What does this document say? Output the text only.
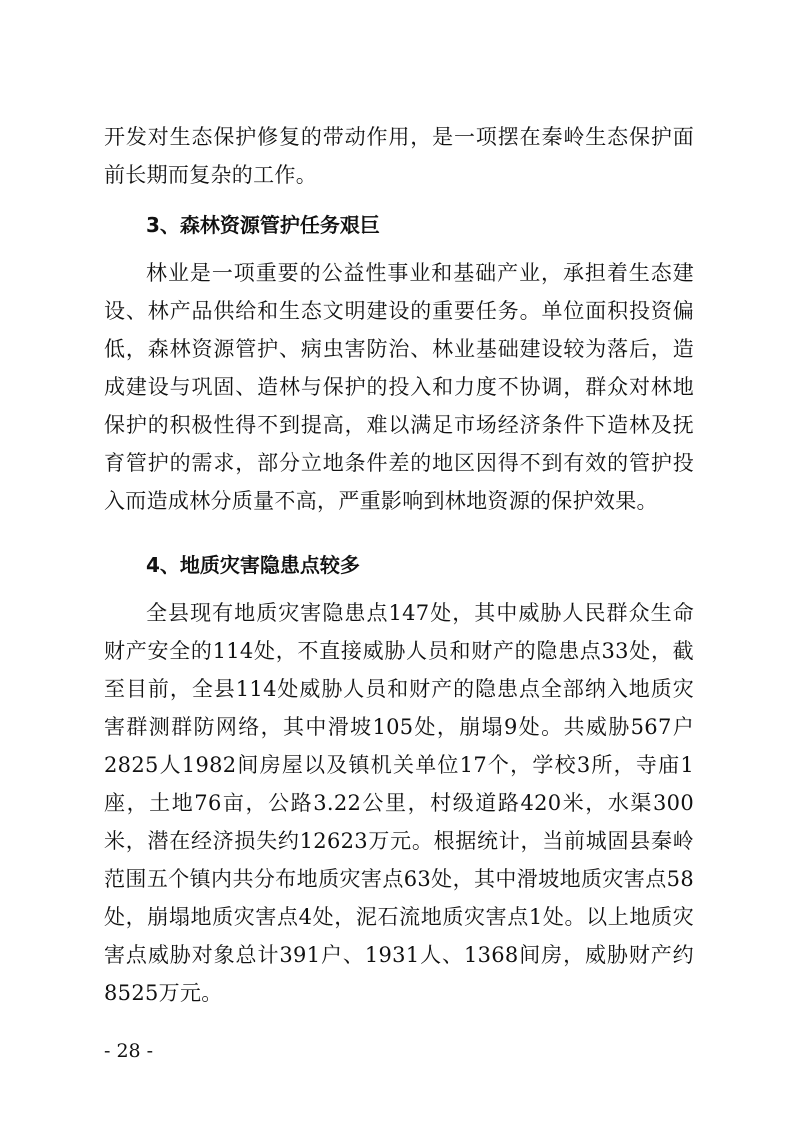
开发对生态保护修复的带动作用，是一项摆在秦岭生态保护面前长期而复杂的工作。

3、森林资源管护任务艰巨

林业是一项重要的公益性事业和基础产业，承担着生态建设、林产品供给和生态文明建设的重要任务。单位面积投资偏低，森林资源管护、病虫害防治、林业基础建设较为落后，造成建设与巩固、造林与保护的投入和力度不协调，群众对林地保护的积极性得不到提高，难以满足市场经济条件下造林及抚育管护的需求，部分立地条件差的地区因得不到有效的管护投入而造成林分质量不高，严重影响到林地资源的保护效果。

4、地质灾害隐患点较多

全县现有地质灾害隐患点147处，其中威胁人民群众生命财产安全的114处，不直接威胁人员和财产的隐患点33处，截至目前，全县114处威胁人员和财产的隐患点全部纳入地质灾害群测群防网络，其中滑坡105处，崩塌9处。共威胁567户2825人1982间房屋以及镇机关单位17个，学校3所，寺庙1座，土地76亩，公路3.22公里，村级道路420米，水渠300米，潜在经济损失约12623万元。根据统计，当前城固县秦岭范围五个镇内共分布地质灾害点63处，其中滑坡地质灾害点58处，崩塌地质灾害点4处，泥石流地质灾害点1处。以上地质灾害点威胁对象总计391户、1931人、1368间房，威胁财产约8525万元。

- 28 -
